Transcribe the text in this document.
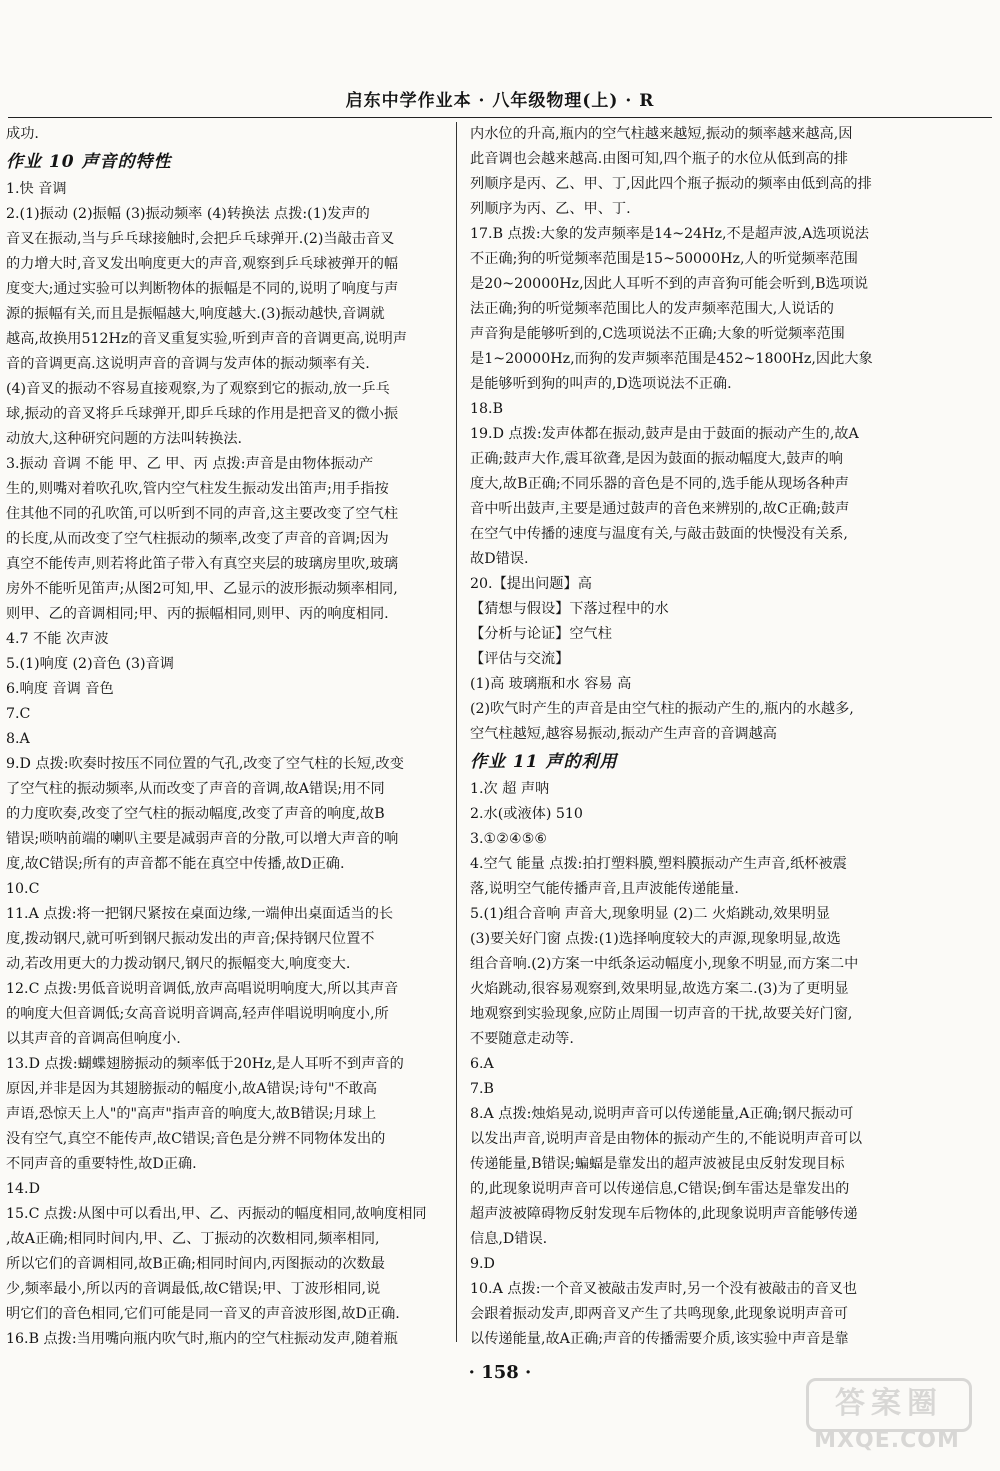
启东中学作业本 · 八年级物理(上) · R
成功.
作业 10 声音的特性
1.快 音调
2.(1)振动 (2)振幅 (3)振动频率 (4)转换法 点拨:(1)发声的
音叉在振动,当与乒乓球接触时,会把乒乓球弹开.(2)当敲击音叉
的力增大时,音叉发出响度更大的声音,观察到乒乓球被弹开的幅
度变大;通过实验可以判断物体的振幅是不同的,说明了响度与声
源的振幅有关,而且是振幅越大,响度越大.(3)振动越快,音调就
越高,故换用512Hz的音叉重复实验,听到声音的音调更高,说明声
音的音调更高.这说明声音的音调与发声体的振动频率有关.
(4)音叉的振动不容易直接观察,为了观察到它的振动,放一乒乓
球,振动的音叉将乒乓球弹开,即乒乓球的作用是把音叉的微小振
动放大,这种研究问题的方法叫转换法.
3.振动 音调 不能 甲、乙 甲、丙 点拨:声音是由物体振动产
生的,则嘴对着吹孔吹,管内空气柱发生振动发出笛声;用手指按
住其他不同的孔吹笛,可以听到不同的声音,这主要改变了空气柱
的长度,从而改变了空气柱振动的频率,改变了声音的音调;因为
真空不能传声,则若将此笛子带入有真空夹层的玻璃房里吹,玻璃
房外不能听见笛声;从图2可知,甲、乙显示的波形振动频率相同,
则甲、乙的音调相同;甲、丙的振幅相同,则甲、丙的响度相同.
4.7 不能 次声波
5.(1)响度 (2)音色 (3)音调
6.响度 音调 音色
7.C
8.A
9.D 点拨:吹奏时按压不同位置的气孔,改变了空气柱的长短,改变
了空气柱的振动频率,从而改变了声音的音调,故A错误;用不同
的力度吹奏,改变了空气柱的振动幅度,改变了声音的响度,故B
错误;唢呐前端的喇叭主要是减弱声音的分散,可以增大声音的响
度,故C错误;所有的声音都不能在真空中传播,故D正确.
10.C
11.A 点拨:将一把钢尺紧按在桌面边缘,一端伸出桌面适当的长
度,拨动钢尺,就可听到钢尺振动发出的声音;保持钢尺位置不
动,若改用更大的力拨动钢尺,钢尺的振幅变大,响度变大.
12.C 点拨:男低音说明音调低,放声高唱说明响度大,所以其声音
的响度大但音调低;女高音说明音调高,轻声伴唱说明响度小,所
以其声音的音调高但响度小.
13.D 点拨:蝴蝶翅膀振动的频率低于20Hz,是人耳听不到声音的
原因,并非是因为其翅膀振动的幅度小,故A错误;诗句"不敢高
声语,恐惊天上人"的"高声"指声音的响度大,故B错误;月球上
没有空气,真空不能传声,故C错误;音色是分辨不同物体发出的
不同声音的重要特性,故D正确.
14.D
15.C 点拨:从图中可以看出,甲、乙、丙振动的幅度相同,故响度相同
,故A正确;相同时间内,甲、乙、丁振动的次数相同,频率相同,
所以它们的音调相同,故B正确;相同时间内,丙图振动的次数最
少,频率最小,所以丙的音调最低,故C错误;甲、丁波形相同,说
明它们的音色相同,它们可能是同一音叉的声音波形图,故D正确.
16.B 点拨:当用嘴向瓶内吹气时,瓶内的空气柱振动发声,随着瓶
内水位的升高,瓶内的空气柱越来越短,振动的频率越来越高,因
此音调也会越来越高.由图可知,四个瓶子的水位从低到高的排
列顺序是丙、乙、甲、丁,因此四个瓶子振动的频率由低到高的排
列顺序为丙、乙、甲、丁.
17.B 点拨:大象的发声频率是14~24Hz,不是超声波,A选项说法
不正确;狗的听觉频率范围是15~50000Hz,人的听觉频率范围
是20~20000Hz,因此人耳听不到的声音狗可能会听到,B选项说
法正确;狗的听觉频率范围比人的发声频率范围大,人说话的
声音狗是能够听到的,C选项说法不正确;大象的听觉频率范围
是1~20000Hz,而狗的发声频率范围是452~1800Hz,因此大象
是能够听到狗的叫声的,D选项说法不正确.
18.B
19.D 点拨:发声体都在振动,鼓声是由于鼓面的振动产生的,故A
正确;鼓声大作,震耳欲聋,是因为鼓面的振动幅度大,鼓声的响
度大,故B正确;不同乐器的音色是不同的,选手能从现场各种声
音中听出鼓声,主要是通过鼓声的音色来辨别的,故C正确;鼓声
在空气中传播的速度与温度有关,与敲击鼓面的快慢没有关系,
故D错误.
20.【提出问题】高
【猜想与假设】下落过程中的水
【分析与论证】空气柱
【评估与交流】
(1)高 玻璃瓶和水 容易 高
(2)吹气时产生的声音是由空气柱的振动产生的,瓶内的水越多,
空气柱越短,越容易振动,振动产生声音的音调越高
作业 11 声的利用
1.次 超 声呐
2.水(或液体) 510
3.①②④⑤⑥
4.空气 能量 点拨:拍打塑料膜,塑料膜振动产生声音,纸杯被震
落,说明空气能传播声音,且声波能传递能量.
5.(1)组合音响 声音大,现象明显 (2)二 火焰跳动,效果明显
(3)要关好门窗 点拨:(1)选择响度较大的声源,现象明显,故选
组合音响.(2)方案一中纸条运动幅度小,现象不明显,而方案二中
火焰跳动,很容易观察到,效果明显,故选方案二.(3)为了更明显
地观察到实验现象,应防止周围一切声音的干扰,故要关好门窗,
不要随意走动等.
6.A
7.B
8.A 点拨:烛焰晃动,说明声音可以传递能量,A正确;钢尺振动可
以发出声音,说明声音是由物体的振动产生的,不能说明声音可以
传递能量,B错误;蝙蝠是靠发出的超声波被昆虫反射发现目标
的,此现象说明声音可以传递信息,C错误;倒车雷达是靠发出的
超声波被障碍物反射发现车后物体的,此现象说明声音能够传递
信息,D错误.
9.D
10.A 点拨:一个音叉被敲击发声时,另一个没有被敲击的音叉也
会跟着振动发声,即两音叉产生了共鸣现象,此现象说明声音可
以传递能量,故A正确;声音的传播需要介质,该实验中声音是靠
· 158 ·
答案圈
MXQE.COM
